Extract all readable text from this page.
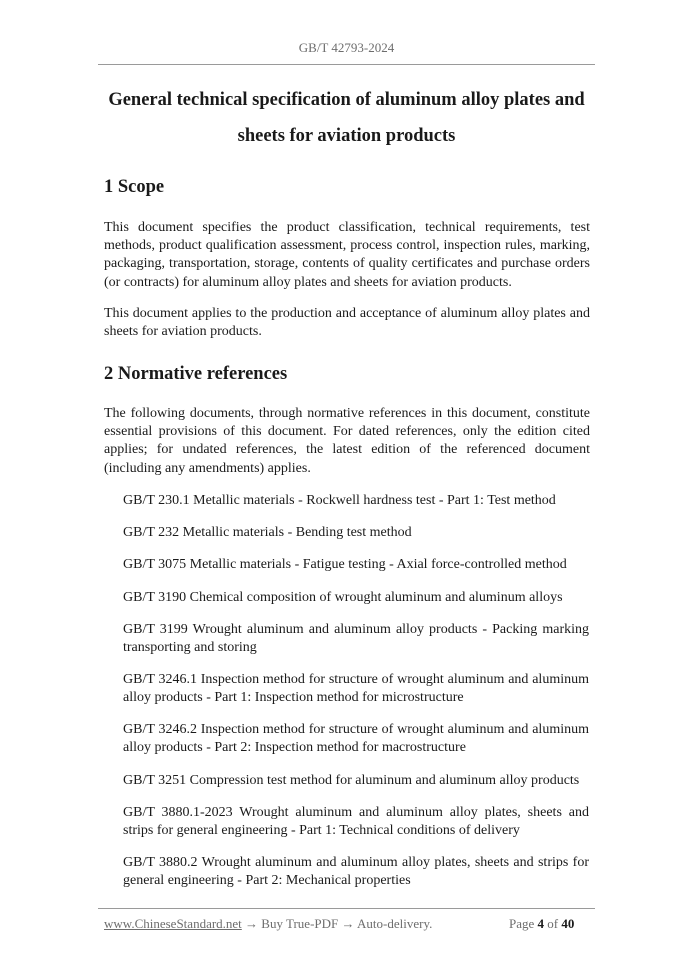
GB/T 42793-2024
General technical specification of aluminum alloy plates and
sheets for aviation products
1 Scope
This document specifies the product classification, technical requirements, test methods, product qualification assessment, process control, inspection rules, marking, packaging, transportation, storage, contents of quality certificates and purchase orders (or contracts) for aluminum alloy plates and sheets for aviation products.
This document applies to the production and acceptance of aluminum alloy plates and sheets for aviation products.
2 Normative references
The following documents, through normative references in this document, constitute essential provisions of this document. For dated references, only the edition cited applies; for undated references, the latest edition of the referenced document (including any amendments) applies.
GB/T 230.1 Metallic materials - Rockwell hardness test - Part 1: Test method
GB/T 232 Metallic materials - Bending test method
GB/T 3075 Metallic materials - Fatigue testing - Axial force-controlled method
GB/T 3190 Chemical composition of wrought aluminum and aluminum alloys
GB/T 3199 Wrought aluminum and aluminum alloy products - Packing marking transporting and storing
GB/T 3246.1 Inspection method for structure of wrought aluminum and aluminum alloy products - Part 1: Inspection method for microstructure
GB/T 3246.2 Inspection method for structure of wrought aluminum and aluminum alloy products - Part 2: Inspection method for macrostructure
GB/T 3251 Compression test method for aluminum and aluminum alloy products
GB/T 3880.1-2023 Wrought aluminum and aluminum alloy plates, sheets and strips for general engineering - Part 1: Technical conditions of delivery
GB/T 3880.2 Wrought aluminum and aluminum alloy plates, sheets and strips for general engineering - Part 2: Mechanical properties
www.ChineseStandard.net → Buy True-PDF → Auto-delivery.	Page 4 of 40
